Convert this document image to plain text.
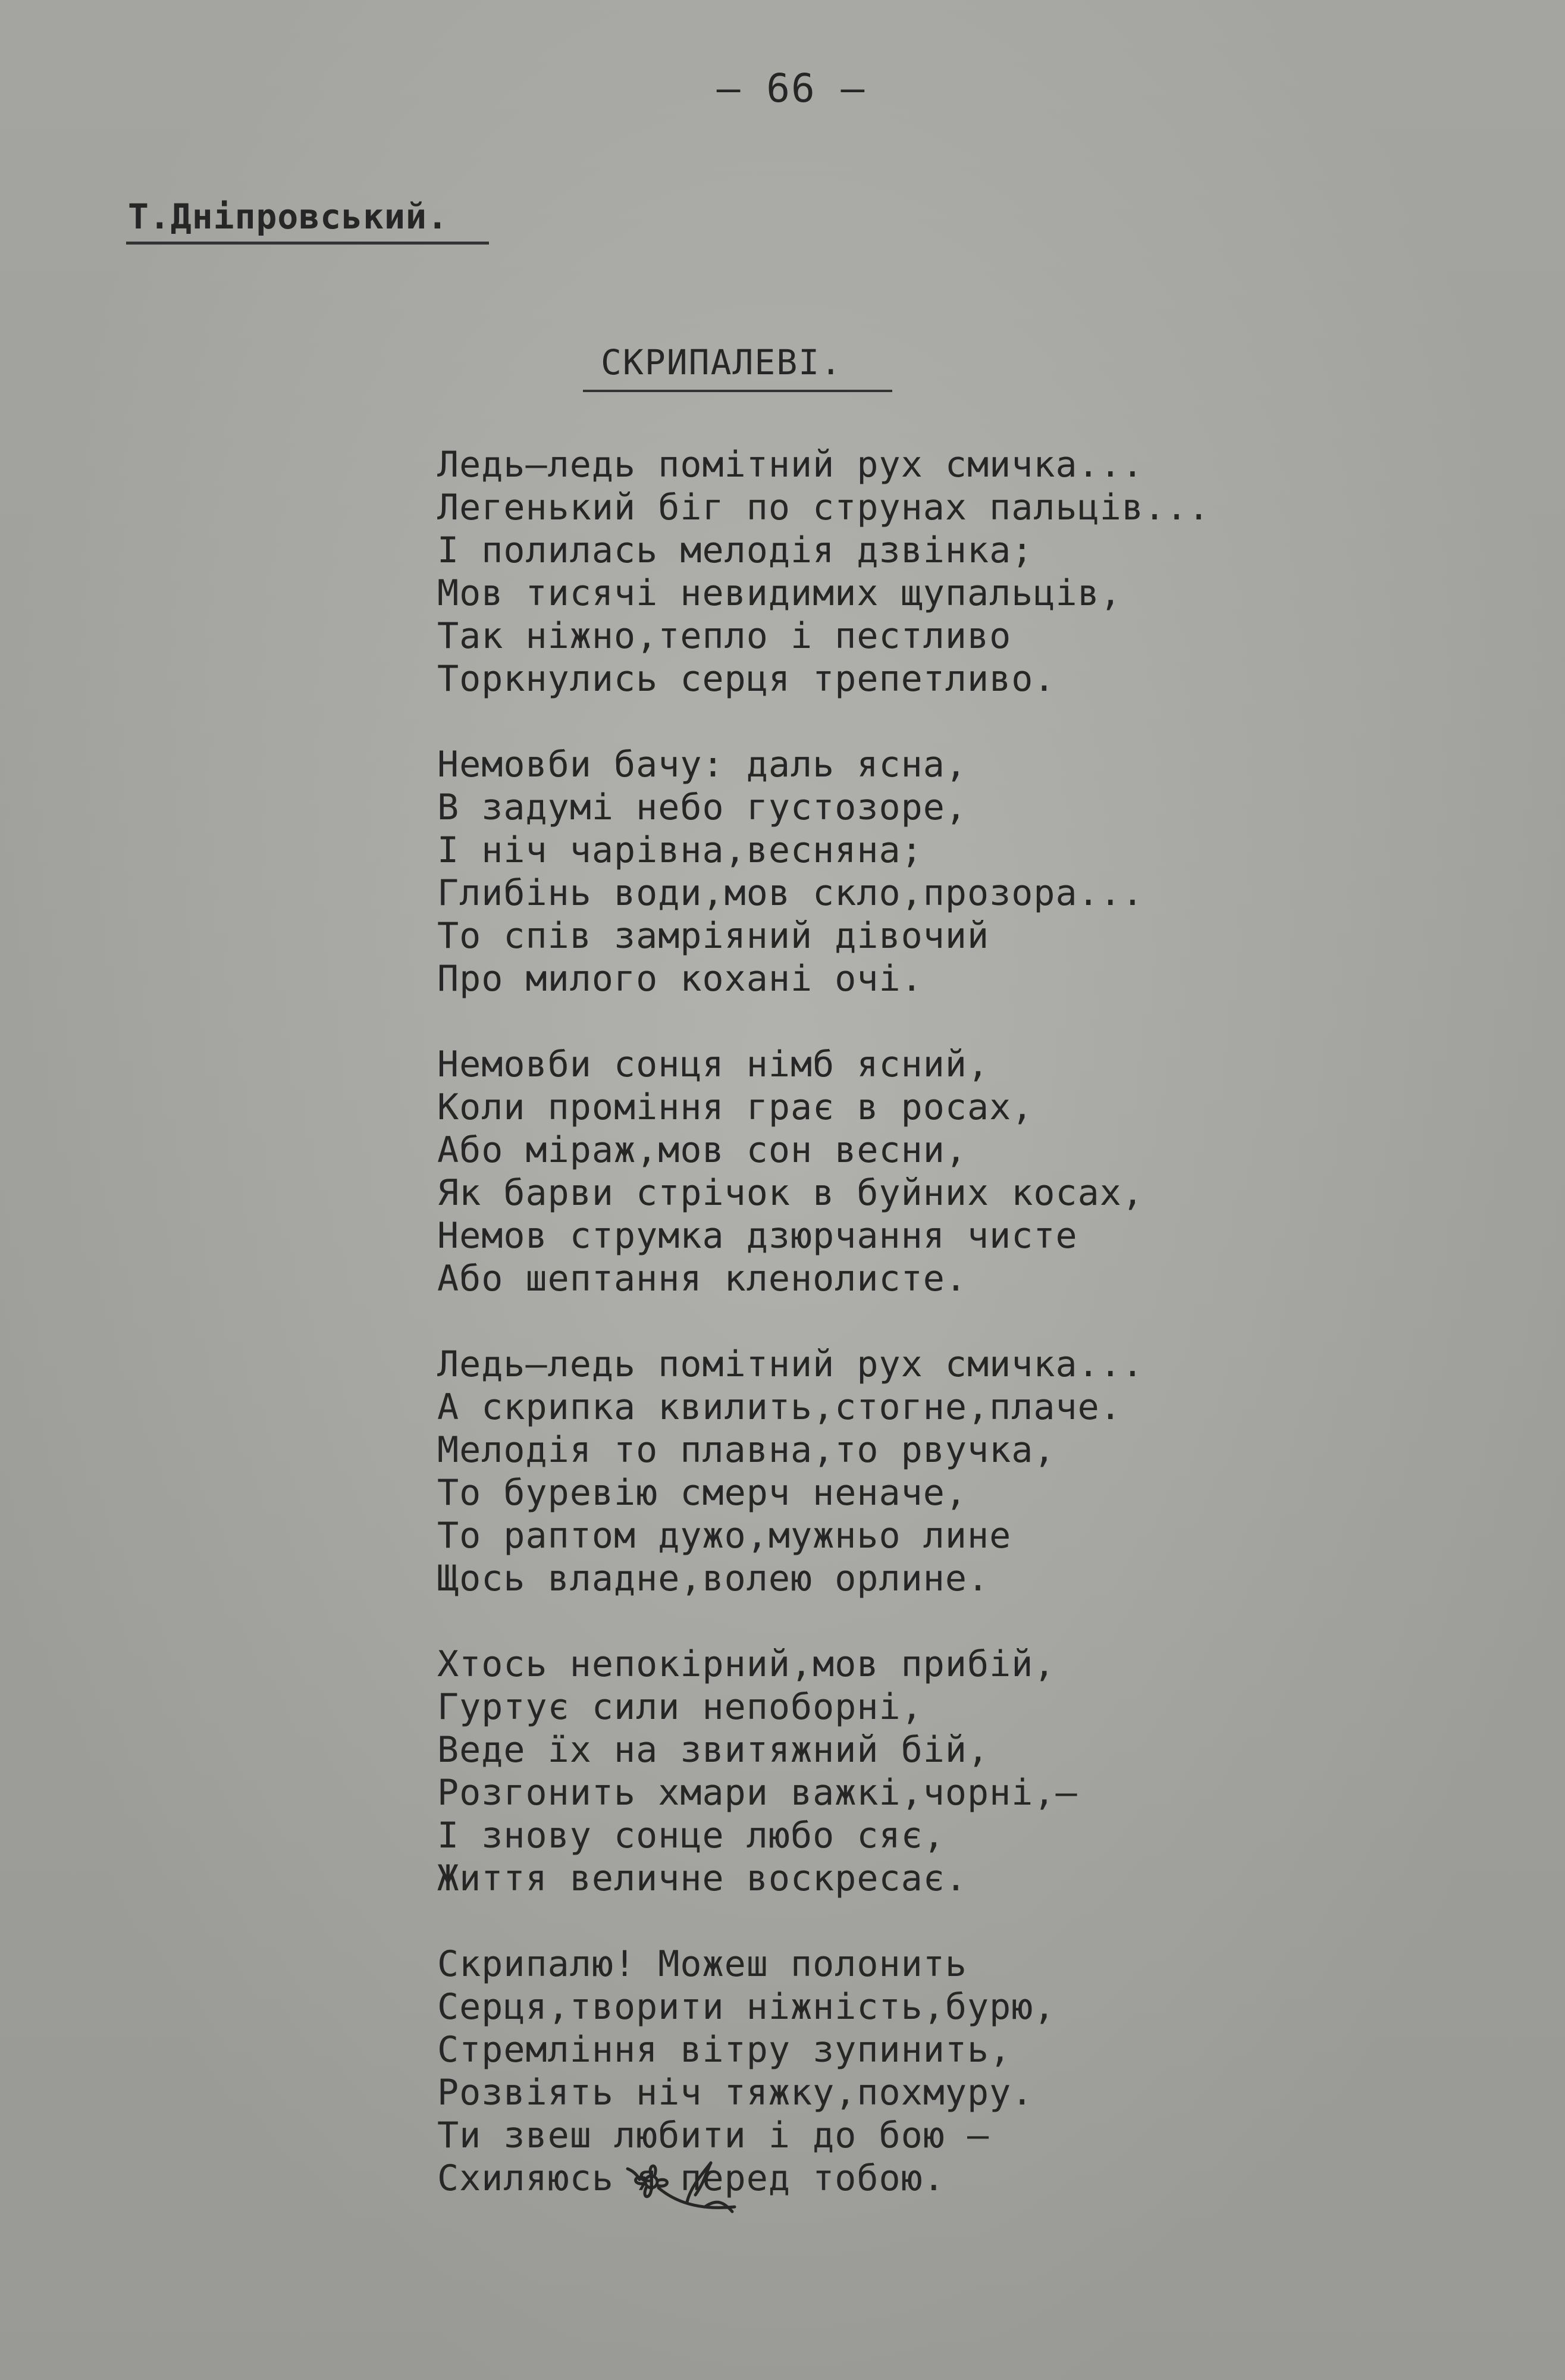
– 66 –
Т.Дніпровський.
СКРИПАЛЕВІ.
Ледь–ледь помітний рух смичка...
Легенький біг по струнах пальців...
І полилась мелодія дзвінка;
Мов тисячі невидимих щупальців,
Так ніжно,тепло і пестливо
Торкнулись серця трепетливо.
Немовби бачу: даль ясна,
В задумі небо густозоре,
І ніч чарівна,весняна;
Глибінь води,мов скло,прозора...
То спів замріяний дівочий
Про милого кохані очі.
Немовби сонця німб ясний,
Коли проміння грає в росах,
Або міраж,мов сон весни,
Як барви стрічок в буйних косах,
Немов струмка дзюрчання чисте
Або шептання кленолисте.
Ледь–ледь помітний рух смичка...
А скрипка квилить,стогне,плаче.
Мелодія то плавна,то рвучка,
То буревію смерч неначе,
То раптом дужо,мужньо лине
Щось владне,волею орлине.
Хтось непокірний,мов прибій,
Гуртує сили непоборні,
Веде їх на звитяжний бій,
Розгонить хмари важкі,чорні,–
І знову сонце любо сяє,
Життя величне воскресає.
Скрипалю! Можеш полонить
Серця,творити ніжність,бурю,
Стремління вітру зупинить,
Розвіять ніч тяжку,похмуру.
Ти звеш любити і до бою –
Схиляюсь я перед тобою.
